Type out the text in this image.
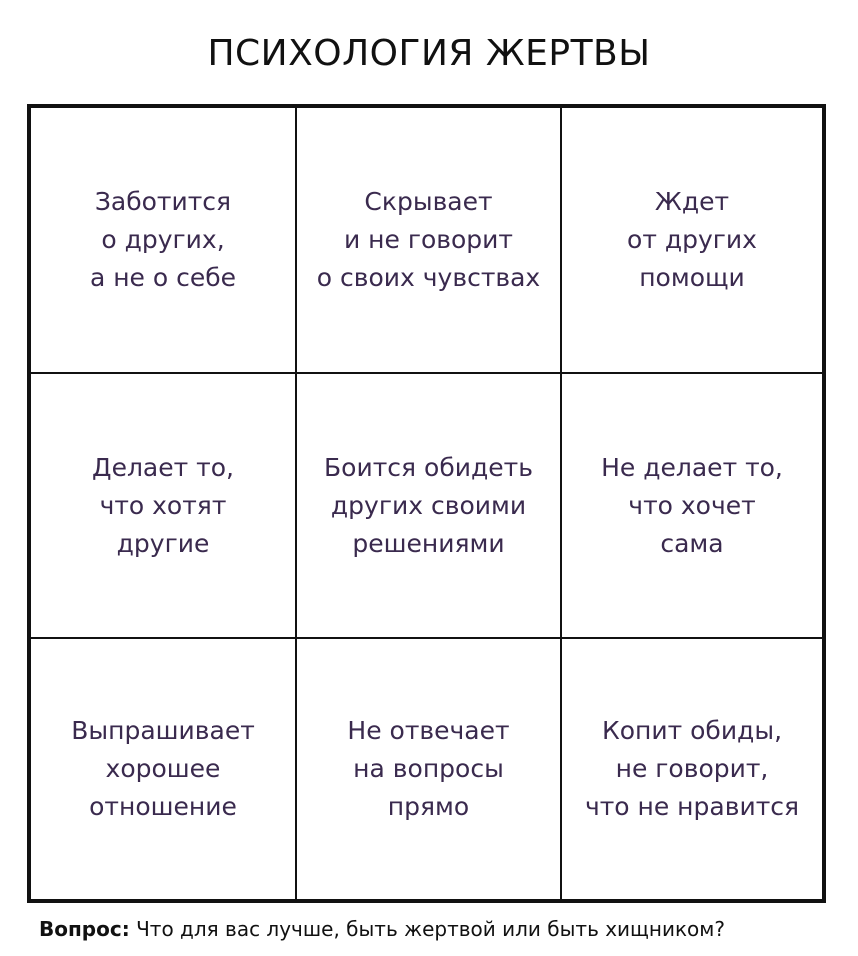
ПСИХОЛОГИЯ ЖЕРТВЫ
Заботится
о других,
а не о себе
Скрывает
и не говорит
о своих чувствах
Ждет
от других
помощи
Делает то,
что хотят
другие
Боится обидеть
других своими
решениями
Не делает то,
что хочет
сама
Выпрашивает
хорошее
отношение
Не отвечает
на вопросы
прямо
Копит обиды,
не говорит,
что не нравится
Вопрос: Что для вас лучше, быть жертвой или быть хищником?
